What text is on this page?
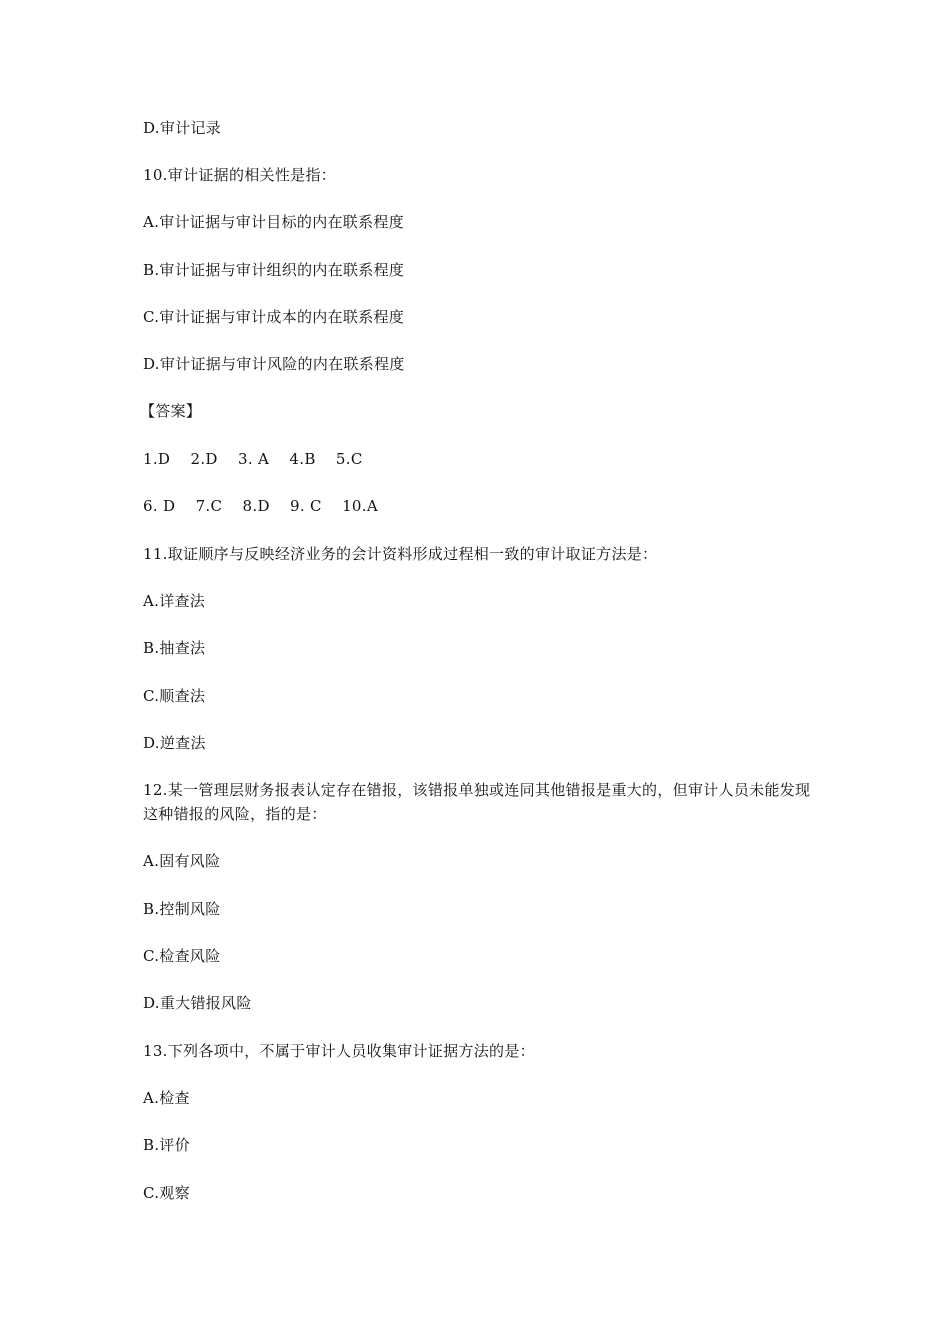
D.审计记录
10.审计证据的相关性是指：
A.审计证据与审计目标的内在联系程度
B.审计证据与审计组织的内在联系程度
C.审计证据与审计成本的内在联系程度
D.审计证据与审计风险的内在联系程度
【答案】
1.D    2.D    3. A    4.B    5.C
6. D    7.C    8.D    9. C    10.A
11.取证顺序与反映经济业务的会计资料形成过程相一致的审计取证方法是：
A.详查法
B.抽查法
C.顺查法
D.逆查法
12.某一管理层财务报表认定存在错报，该错报单独或连同其他错报是重大的，但审计人员未能发现这种错报的风险，指的是：
A.固有风险
B.控制风险
C.检查风险
D.重大错报风险
13.下列各项中，不属于审计人员收集审计证据方法的是：
A.检查
B.评价
C.观察
